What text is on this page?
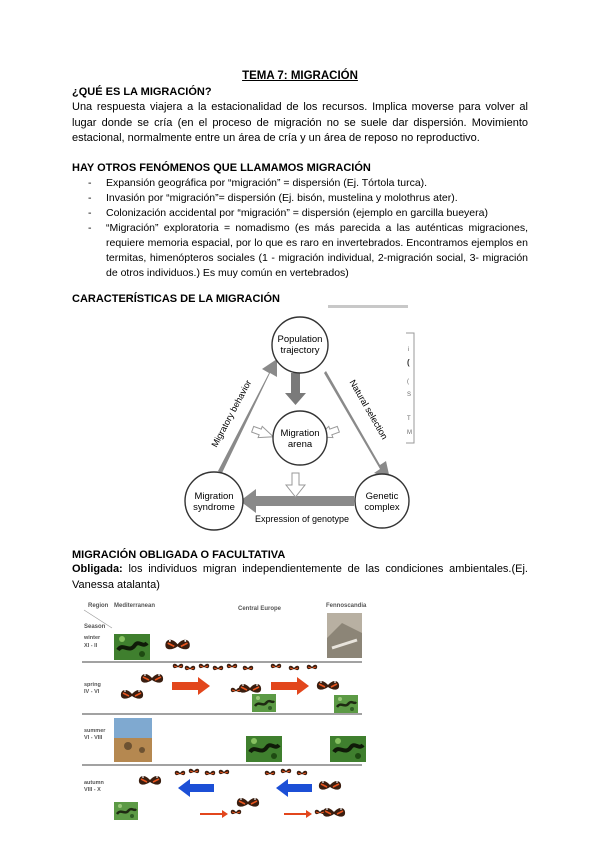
TEMA 7: MIGRACIÓN
¿QUÉ ES LA MIGRACIÓN?
Una respuesta viajera a la estacionalidad de los recursos. Implica moverse para volver al lugar donde se cría (en el proceso de migración no se suele dar dispersión. Movimiento estacional, normalmente entre un área de cría y un área de reposo no reproductivo.
HAY OTROS FENÓMENOS QUE LLAMAMOS MIGRACIÓN
- Expansión geográfica por “migración” = dispersión (Ej. Tórtola turca).
- Invasión por “migración”= dispersión (Ej. bisón, mustelina y molothrus ater).
- Colonización accidental por “migración” = dispersión (ejemplo en garcilla bueyera)
- “Migración” exploratoria = nomadismo (es más parecida a las auténticas migraciones, requiere memoria espacial, por lo que es raro en invertebrados. Encontramos ejemplos en termitas, himenópteros sociales (1 - migración individual, 2-migración social, 3- migración de otros individuos.) Es muy común en vertebrados)
CARACTERÍSTICAS DE LA MIGRACIÓN
i
(
(
S
T
M
Population trajectory
Migration arena
Migration syndrome
Genetic complex
Migratory behavior	Natural selection
Expression of genotype
MIGRACIÓN OBLIGADA O FACULTATIVA
Obligada: los individuos migran independientemente de las condiciones ambientales.(Ej. Vanessa atalanta)
Region Mediterranean	Central Europe	Fennoscandia
Season
winter
XI - II
spring
IV - VI
summer
VI - VIII
autumn
VIII - X
